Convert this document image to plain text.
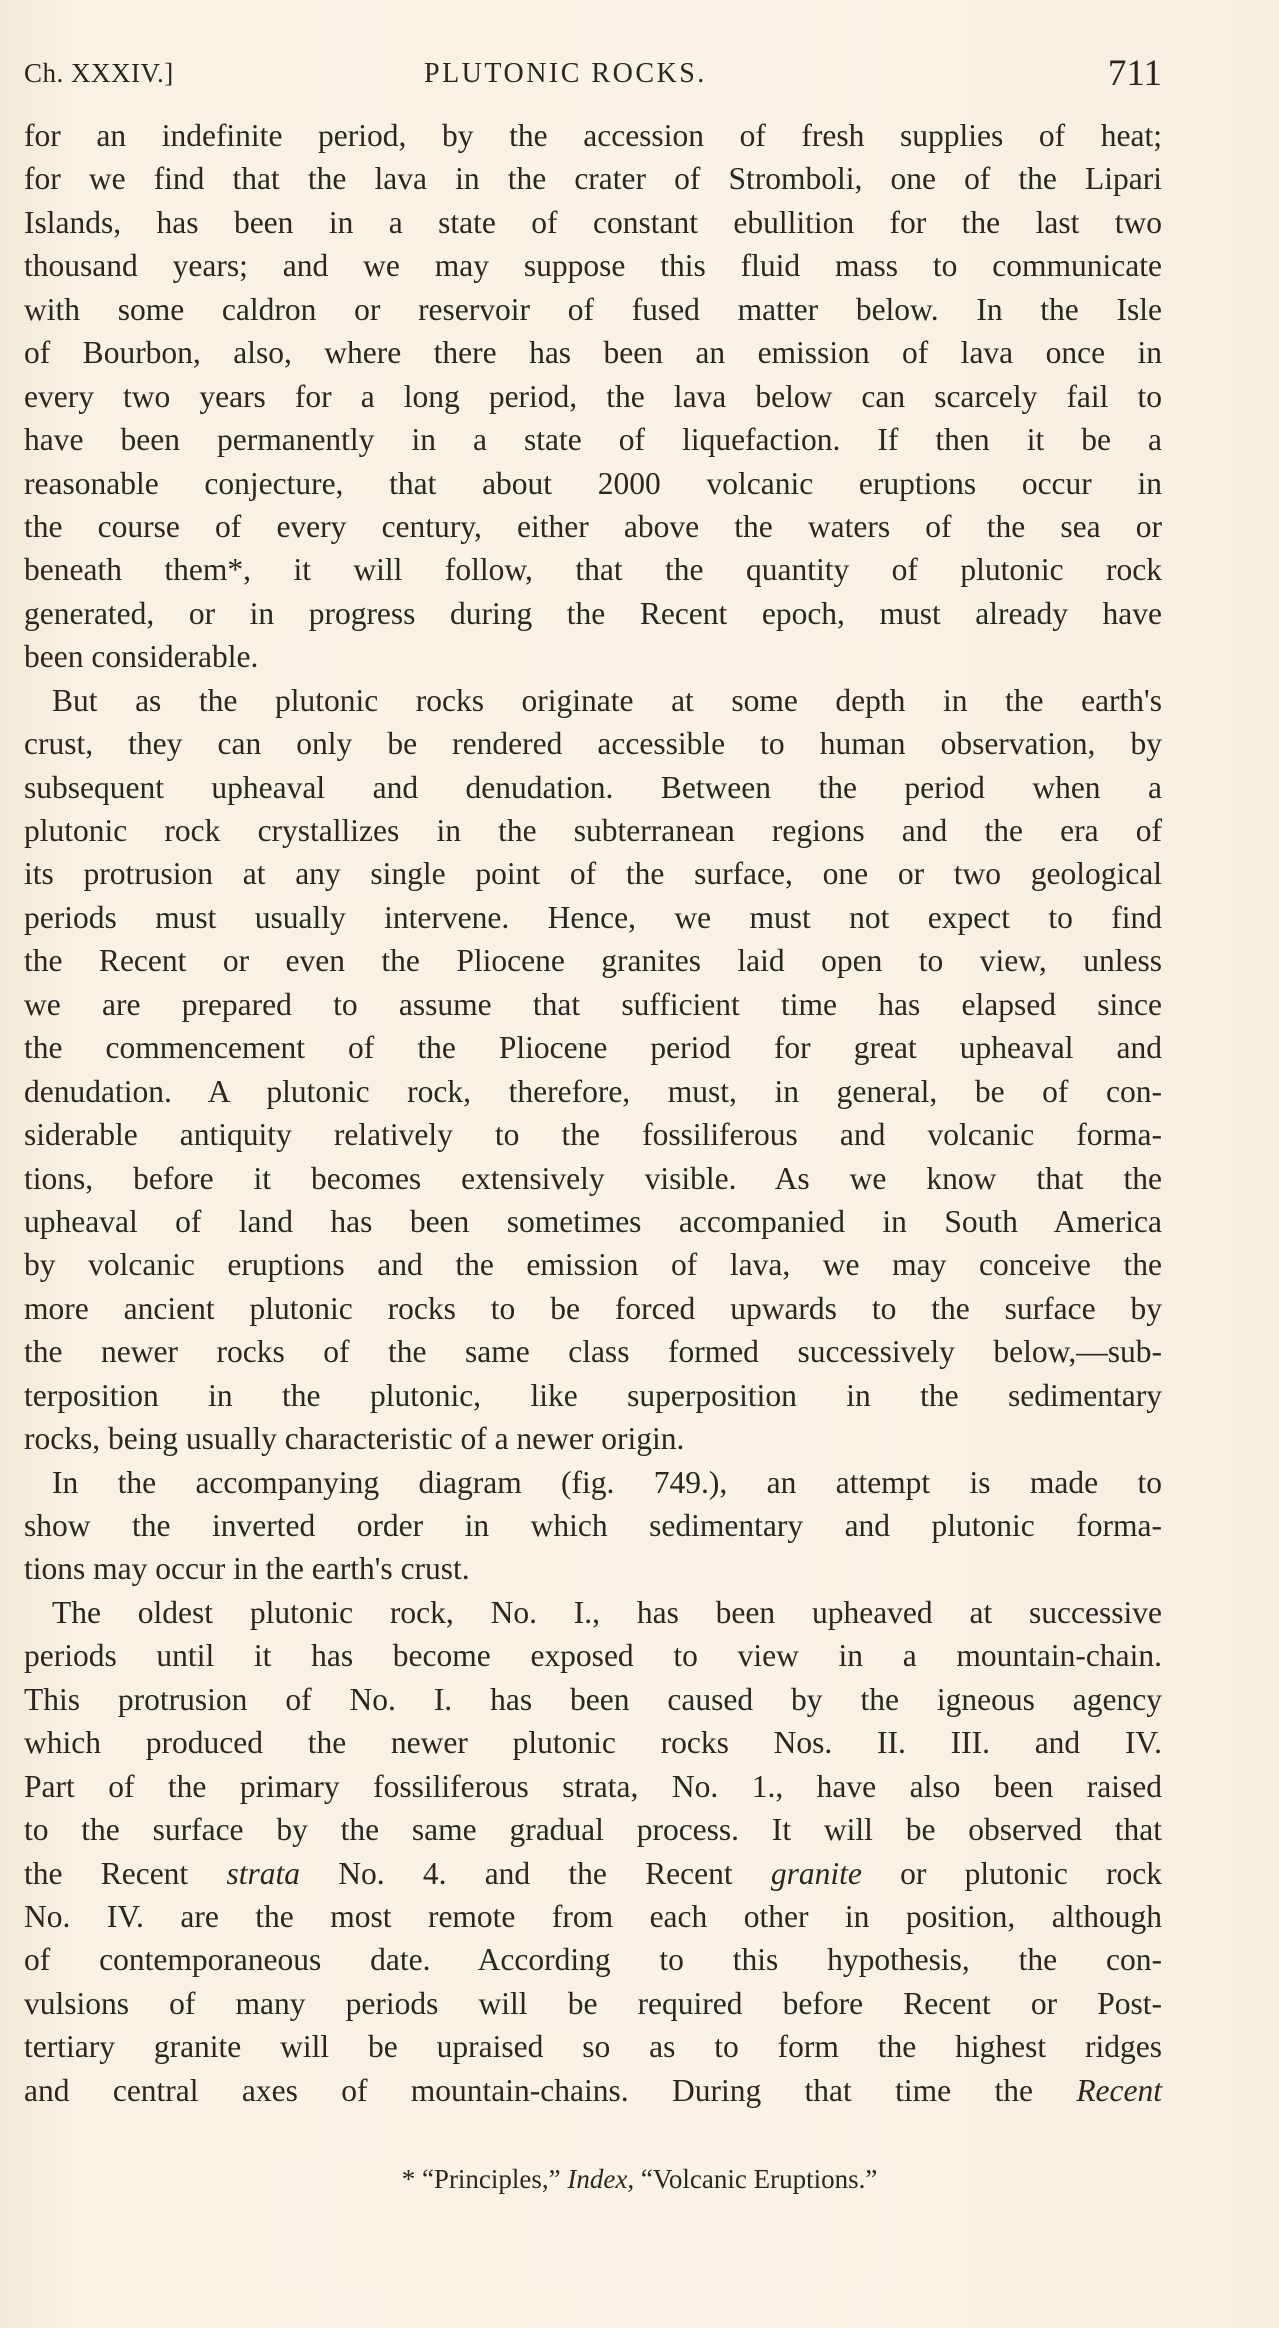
Ch. XXXIV.]	PLUTONIC ROCKS.	711
for an indefinite period, by the accession of fresh supplies of heat;
for we find that the lava in the crater of Stromboli, one of the Lipari
Islands, has been in a state of constant ebullition for the last two
thousand years; and we may suppose this fluid mass to communicate
with some caldron or reservoir of fused matter below. In the Isle
of Bourbon, also, where there has been an emission of lava once in
every two years for a long period, the lava below can scarcely fail to
have been permanently in a state of liquefaction. If then it be a
reasonable conjecture, that about 2000 volcanic eruptions occur in
the course of every century, either above the waters of the sea or
beneath them*, it will follow, that the quantity of plutonic rock
generated, or in progress during the Recent epoch, must already have
been considerable.
But as the plutonic rocks originate at some depth in the earth's
crust, they can only be rendered accessible to human observation, by
subsequent upheaval and denudation. Between the period when a
plutonic rock crystallizes in the subterranean regions and the era of
its protrusion at any single point of the surface, one or two geological
periods must usually intervene. Hence, we must not expect to find
the Recent or even the Pliocene granites laid open to view, unless
we are prepared to assume that sufficient time has elapsed since
the commencement of the Pliocene period for great upheaval and
denudation. A plutonic rock, therefore, must, in general, be of con-
siderable antiquity relatively to the fossiliferous and volcanic forma-
tions, before it becomes extensively visible. As we know that the
upheaval of land has been sometimes accompanied in South America
by volcanic eruptions and the emission of lava, we may conceive the
more ancient plutonic rocks to be forced upwards to the surface by
the newer rocks of the same class formed successively below,—sub-
terposition in the plutonic, like superposition in the sedimentary
rocks, being usually characteristic of a newer origin.
In the accompanying diagram (fig. 749.), an attempt is made to
show the inverted order in which sedimentary and plutonic forma-
tions may occur in the earth's crust.
The oldest plutonic rock, No. I., has been upheaved at successive
periods until it has become exposed to view in a mountain-chain.
This protrusion of No. I. has been caused by the igneous agency
which produced the newer plutonic rocks Nos. II. III. and IV.
Part of the primary fossiliferous strata, No. 1., have also been raised
to the surface by the same gradual process. It will be observed that
the Recent strata No. 4. and the Recent granite or plutonic rock
No. IV. are the most remote from each other in position, although
of contemporaneous date. According to this hypothesis, the con-
vulsions of many periods will be required before Recent or Post-
tertiary granite will be upraised so as to form the highest ridges
and central axes of mountain-chains. During that time the Recent
* “Principles,” Index, “Volcanic Eruptions.”
